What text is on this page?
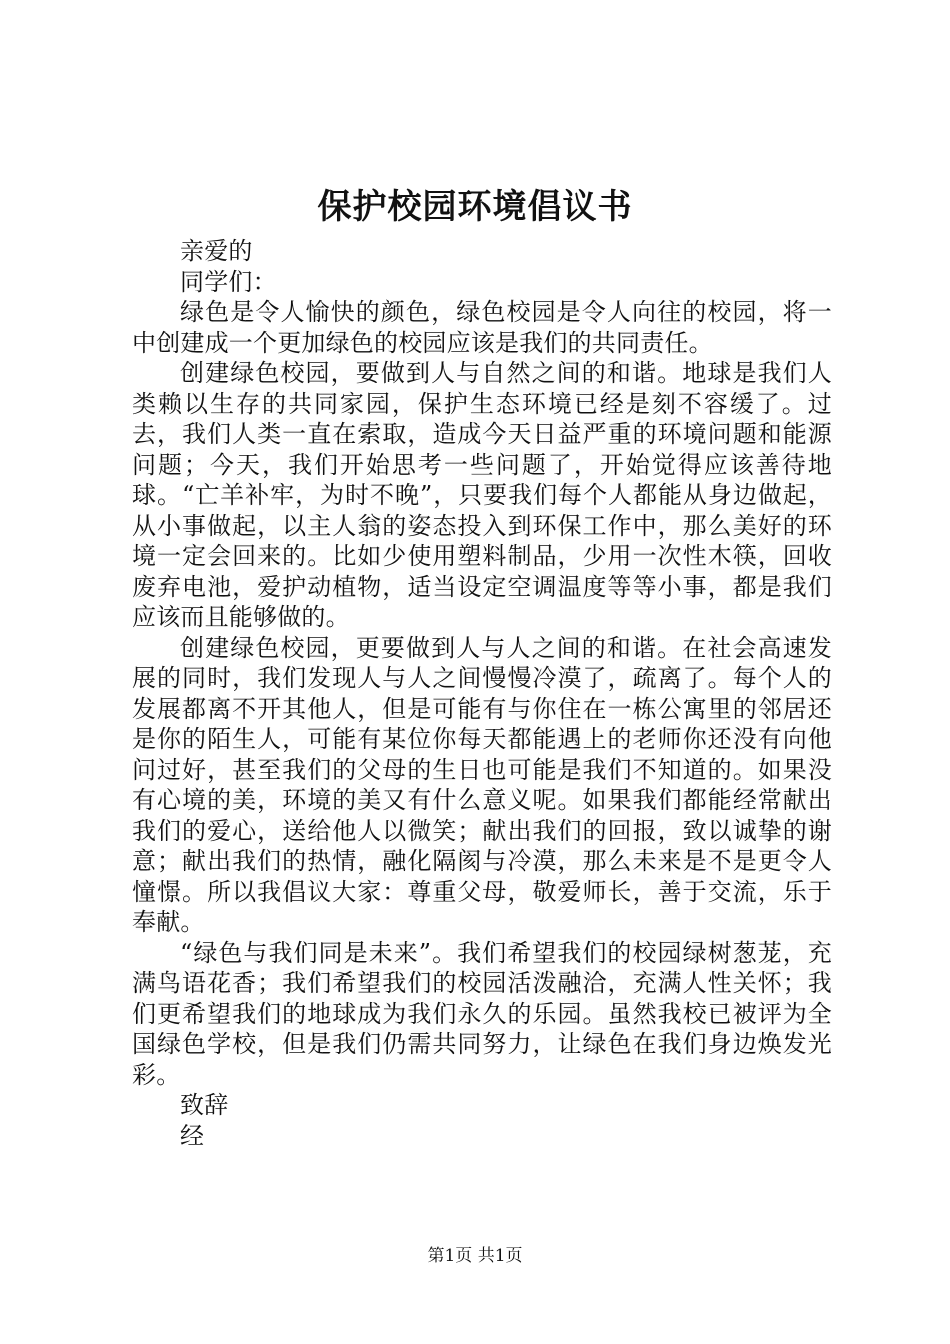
保护校园环境倡议书

亲爱的

同学们：

绿色是令人愉快的颜色，绿色校园是令人向往的校园，将一中创建成一个更加绿色的校园应该是我们的共同责任。

创建绿色校园，要做到人与自然之间的和谐。地球是我们人类赖以生存的共同家园，保护生态环境已经是刻不容缓了。过去，我们人类一直在索取，造成今天日益严重的环境问题和能源问题；今天，我们开始思考一些问题了，开始觉得应该善待地球。“亡羊补牢，为时不晚”，只要我们每个人都能从身边做起，从小事做起，以主人翁的姿态投入到环保工作中，那么美好的环境一定会回来的。比如少使用塑料制品，少用一次性木筷，回收废弃电池，爱护动植物，适当设定空调温度等等小事，都是我们应该而且能够做的。

创建绿色校园，更要做到人与人之间的和谐。在社会高速发展的同时，我们发现人与人之间慢慢冷漠了，疏离了。每个人的发展都离不开其他人，但是可能有与你住在一栋公寓里的邻居还是你的陌生人，可能有某位你每天都能遇上的老师你还没有向他问过好，甚至我们的父母的生日也可能是我们不知道的。如果没有心境的美，环境的美又有什么意义呢。如果我们都能经常献出我们的爱心，送给他人以微笑；献出我们的回报，致以诚挚的谢意；献出我们的热情，融化隔阂与冷漠，那么未来是不是更令人憧憬。所以我倡议大家：尊重父母，敬爱师长，善于交流，乐于奉献。

“绿色与我们同是未来”。我们希望我们的校园绿树葱茏，充满鸟语花香；我们希望我们的校园活泼融洽，充满人性关怀；我们更希望我们的地球成为我们永久的乐园。虽然我校已被评为全国绿色学校，但是我们仍需共同努力，让绿色在我们身边焕发光彩。

致辞

经

第1页 共1页
